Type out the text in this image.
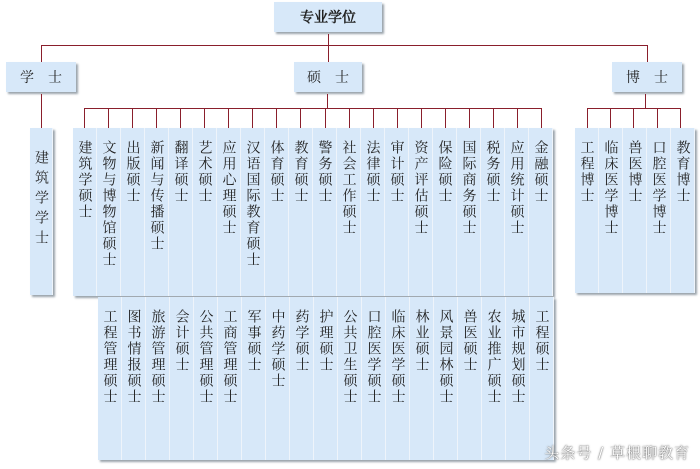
专业学位
学　士	硕　士	博　士
建筑学学士 建筑学硕士 文物与博物馆硕士 出版硕士 新闻与传播硕士 翻译硕士 艺术硕士 应用心理硕士 汉语国际教育硕士 体育硕士 教育硕士 警务硕士 社会工作硕士 法律硕士 审计硕士 资产评估硕士 保险硕士 国际商务硕士 税务硕士 应用统计硕士 金融硕士
工程管理硕士 图书情报硕士 旅游管理硕士 会计硕士 公共管理硕士 工商管理硕士 军事硕士 中药学硕士 药学硕士 护理硕士 公共卫生硕士 口腔医学硕士 临床医学硕士 林业硕士 风景园林硕士 兽医硕士 农业推广硕士 城市规划硕士 工程硕士
工程博士 临床医学博士 兽医博士 口腔医学博士 教育博士
头条号 / 草根聊教育
